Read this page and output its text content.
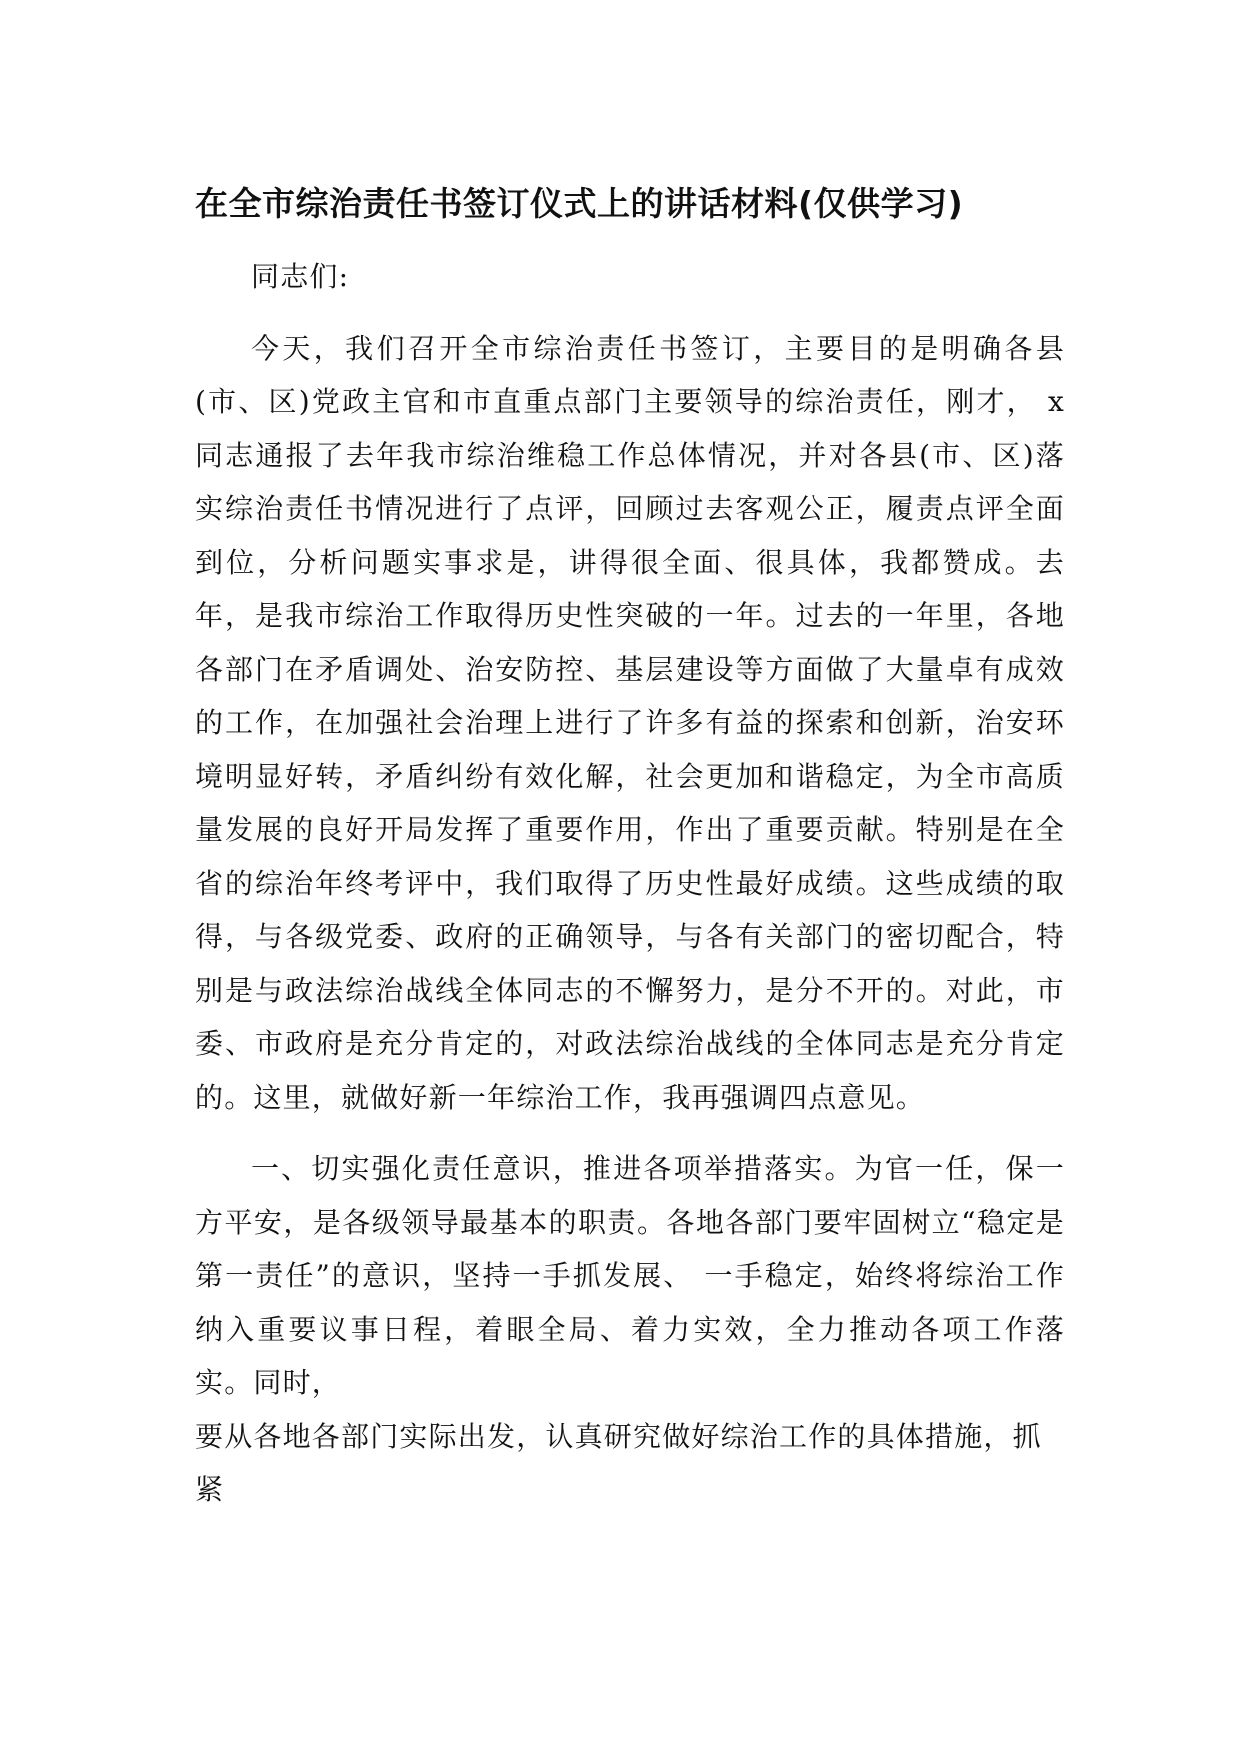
在全市综治责任书签订仪式上的讲话材料(仅供学习)

同志们:

今天，我们召开全市综治责任书签订，主要目的是明确各县(市、区)党政主官和市直重点部门主要领导的综治责任，刚才， x 同志通报了去年我市综治维稳工作总体情况，并对各县(市、区)落实综治责任书情况进行了点评，回顾过去客观公正，履责点评全面到位，分析问题实事求是，讲得很全面、很具体，我都赞成。去年，是我市综治工作取得历史性突破的一年。过去的一年里，各地各部门在矛盾调处、治安防控、基层建设等方面做了大量卓有成效的工作，在加强社会治理上进行了许多有益的探索和创新，治安环境明显好转，矛盾纠纷有效化解，社会更加和谐稳定，为全市高质量发展的良好开局发挥了重要作用，作出了重要贡献。特别是在全省的综治年终考评中，我们取得了历史性最好成绩。这些成绩的取得，与各级党委、政府的正确领导，与各有关部门的密切配合，特别是与政法综治战线全体同志的不懈努力，是分不开的。对此，市委、市政府是充分肯定的，对政法综治战线的全体同志是充分肯定的。这里，就做好新一年综治工作，我再强调四点意见。

一、切实强化责任意识，推进各项举措落实。为官一任，保一方平安，是各级领导最基本的职责。各地各部门要牢固树立“稳定是第一责任”的意识，坚持一手抓发展、 一手稳定，始终将综治工作纳入重要议事日程，着眼全局、着力实效，全力推动各项工作落实。同时，

要从各地各部门实际出发，认真研究做好综治工作的具体措施，抓紧
